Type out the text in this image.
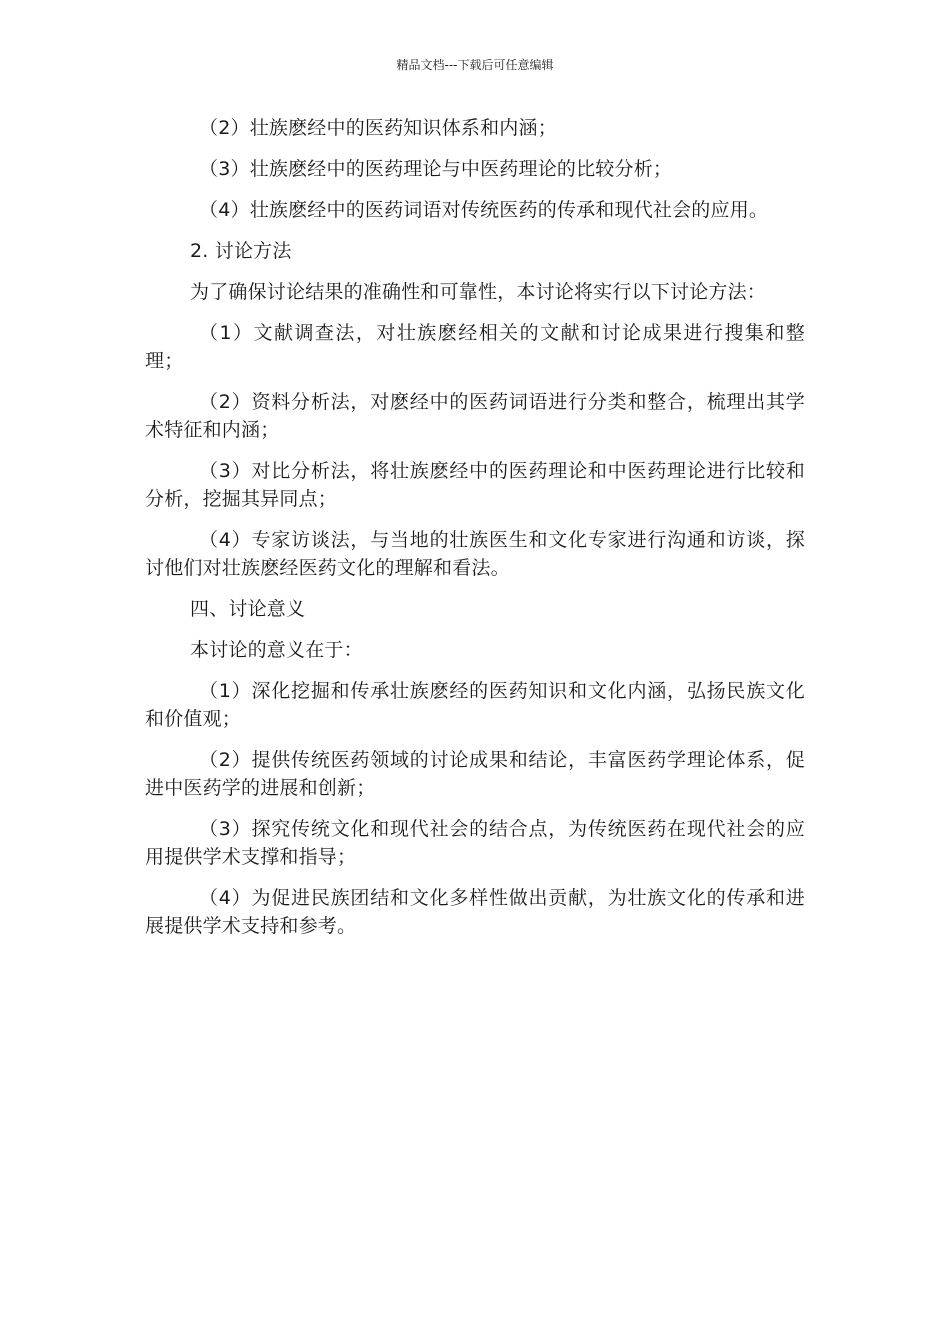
精品文档---下载后可任意编辑

（2）壮族麽经中的医药知识体系和内涵；

（3）壮族麽经中的医药理论与中医药理论的比较分析；

（4）壮族麽经中的医药词语对传统医药的传承和现代社会的应用。

2. 讨论方法

为了确保讨论结果的准确性和可靠性，本讨论将实行以下讨论方法：

（1）文献调查法，对壮族麽经相关的文献和讨论成果进行搜集和整理；

（2）资料分析法，对麽经中的医药词语进行分类和整合，梳理出其学术特征和内涵；

（3）对比分析法，将壮族麽经中的医药理论和中医药理论进行比较和分析，挖掘其异同点；

（4）专家访谈法，与当地的壮族医生和文化专家进行沟通和访谈，探讨他们对壮族麽经医药文化的理解和看法。

四、讨论意义

本讨论的意义在于：

（1）深化挖掘和传承壮族麽经的医药知识和文化内涵，弘扬民族文化和价值观；

（2）提供传统医药领域的讨论成果和结论，丰富医药学理论体系，促进中医药学的进展和创新；

（3）探究传统文化和现代社会的结合点，为传统医药在现代社会的应用提供学术支撑和指导；

（4）为促进民族团结和文化多样性做出贡献，为壮族文化的传承和进展提供学术支持和参考。
